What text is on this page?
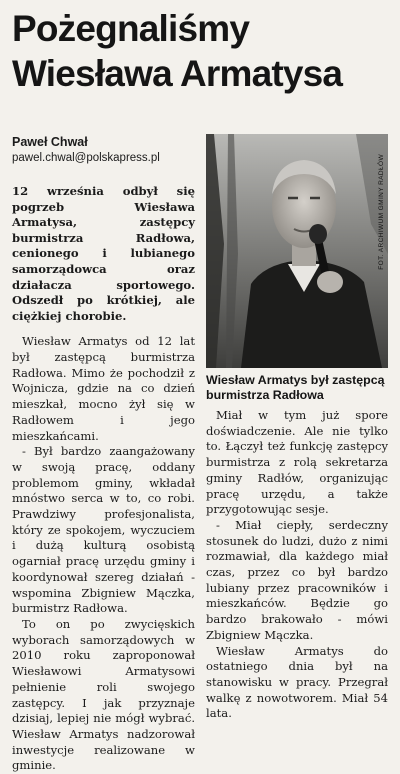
Pożegnaliśmy
Wiesława Armatysa
Paweł Chwał
pawel.chwal@polskapress.pl

12 września odbył się pogrzeb Wiesława Armatysa, zastępcy burmistrza Radłowa, cenionego i lubianego samorządowca oraz działacza sportowego. Odszedł po krótkiej, ale ciężkiej chorobie.

Wiesław Armatys od 12 lat był zastępcą burmistrza Radłowa. Mimo że pochodził z Wojnicza, gdzie na co dzień mieszkał, mocno żył się w Radłowem i jego mieszkańcami.

- Był bardzo zaangażowany w swoją pracę, oddany problemom gminy, wkładał mnóstwo serca w to, co robi. Prawdziwy profesjonalista, który ze spokojem, wyczuciem i dużą kulturą osobistą ogarniał pracę urzędu gminy i koordynował szereg działań - wspomina Zbigniew Mączka, burmistrz Radłowa.

To on po zwycięskich wyborach samorządowych w 2010 roku zaproponował Wiesławowi Armatysowi pełnienie roli swojego zastępcy. I jak przyznaje dzisiaj, lepiej nie mógł wybrać. Wiesław Armatys nadzorował inwestycje realizowane w gminie.

FOT. ARCHIWUM GMINY RADŁÓW
Wiesław Armatys był zastępcą burmistrza Radłowa

Miał w tym już spore doświadczenie. Ale nie tylko to. Łączył też funkcję zastępcy burmistrza z rolą sekretarza gminy Radłów, organizując pracę urzędu, a także przygotowując sesje.

- Miał ciepły, serdeczny stosunek do ludzi, dużo z nimi rozmawiał, dla każdego miał czas, przez co był bardzo lubiany przez pracowników i mieszkańców. Będzie go bardzo brakowało - mówi Zbigniew Mączka.

Wiesław Armatys do ostatniego dnia był na stanowisku w pracy. Przegrał walkę z nowotworem. Miał 54 lata.
